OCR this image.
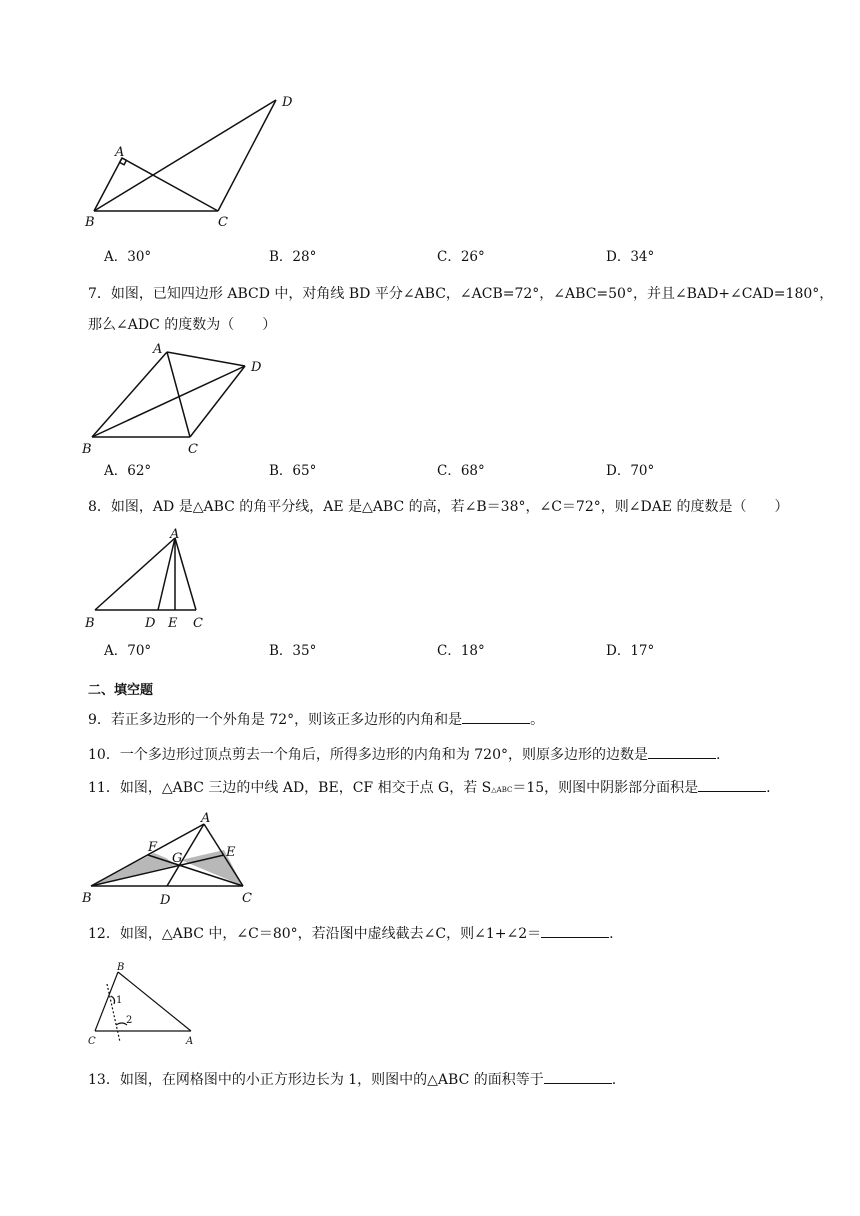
A
B	C
D
A．30°	B．28°	C．26°	D．34°
7．如图，已知四边形 ABCD 中，对角线 BD 平分∠ABC，∠ACB=72°，∠ABC=50°，并且∠BAD+∠CAD=180°，
那么∠ADC 的度数为（　　）
A
B	C
D
A．62°	B．65°	C．68°	D．70°
8．如图，AD 是△ABC 的角平分线，AE 是△ABC 的高，若∠B＝38°，∠C＝72°，则∠DAE 的度数是（　　）
A
B	D E C
A．70°	B．35°	C．18°	D．17°
二、填空题
9．若正多边形的一个外角是 72°，则该正多边形的内角和是	。
10．一个多边形过顶点剪去一个角后，所得多边形的内角和为 720°，则原多边形的边数是	.
11．如图，△ABC 三边的中线 AD，BE，CF 相交于点 G，若 S△ABC＝15，则图中阴影部分面积是	.
A
F
G	E
B	D	C
12．如图，△ABC 中，∠C＝80°，若沿图中虚线截去∠C，则∠1+∠2＝	.
B
1
2
C	A
13．如图，在网格图中的小正方形边长为 1，则图中的△ABC 的面积等于	.
